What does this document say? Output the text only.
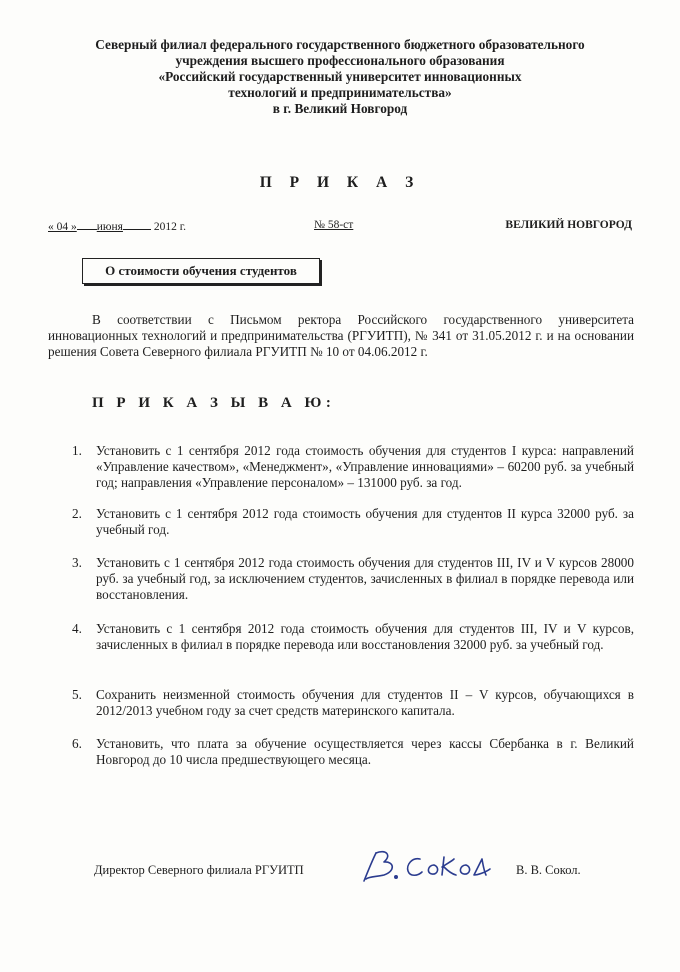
Северный филиал федерального государственного бюджетного образовательного
учреждения высшего профессионального образования
«Российский государственный университет инновационных
технологий и предпринимательства»
в г. Великий Новгород
П Р И К А З
« 04 » июня	2012 г.	№ 58-ст	ВЕЛИКИЙ НОВГОРОД
О стоимости обучения студентов
В соответствии с Письмом ректора Российского государственного университета инновационных технологий и предпринимательства (РГУИТП), № 341 от 31.05.2012 г. и на основании решения Совета Северного филиала РГУИТП № 10 от 04.06.2012 г.
П Р И К А З Ы В А Ю:
1. Установить с 1 сентября 2012 года стоимость обучения для студентов I курса: направлений «Управление качеством», «Менеджмент», «Управление инновациями» – 60200 руб. за учебный год; направления «Управление персоналом» – 131000 руб. за год.
2. Установить с 1 сентября 2012 года стоимость обучения для студентов II курса 32000 руб. за учебный год.
3. Установить с 1 сентября 2012 года стоимость обучения для студентов III, IV и V курсов 28000 руб. за учебный год, за исключением студентов, зачисленных в филиал в порядке перевода или восстановления.
4. Установить с 1 сентября 2012 года стоимость обучения для студентов III, IV и V курсов, зачисленных в филиал в порядке перевода или восстановления 32000 руб. за учебный год.
5. Сохранить неизменной стоимость обучения для студентов II – V курсов, обучающихся в 2012/2013 учебном году за счет средств материнского капитала.
6. Установить, что плата за обучение осуществляется через кассы Сбербанка в г. Великий Новгород до 10 числа предшествующего месяца.
Директор Северного филиала РГУИТП	В. В. Сокол.
